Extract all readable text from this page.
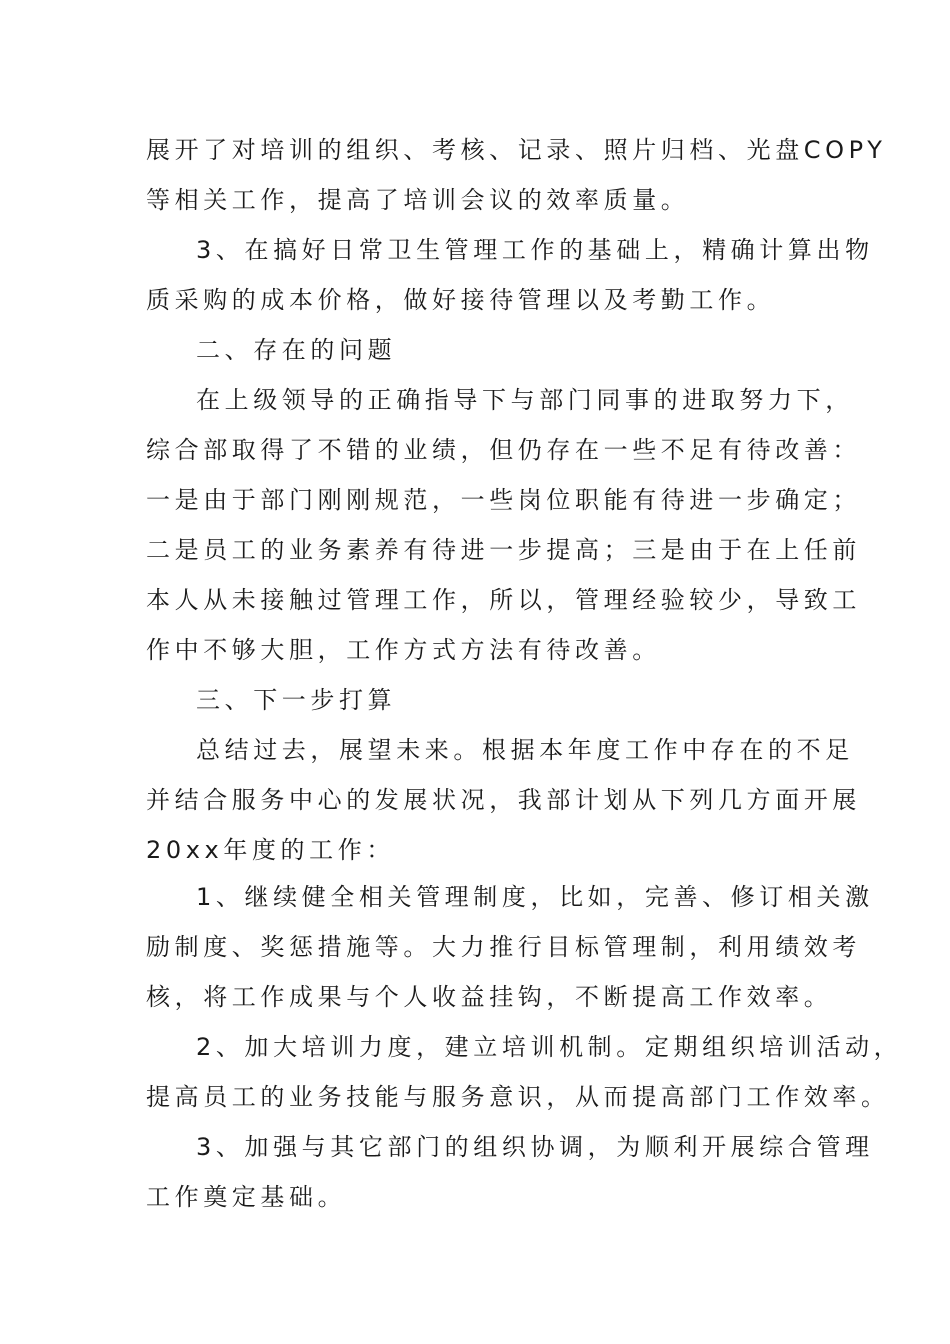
展开了对培训的组织、考核、记录、照片归档、光盘COPY
等相关工作，提高了培训会议的效率质量。
3、在搞好日常卫生管理工作的基础上，精确计算出物
质采购的成本价格，做好接待管理以及考勤工作。
二、存在的问题
在上级领导的正确指导下与部门同事的进取努力下，
综合部取得了不错的业绩，但仍存在一些不足有待改善：
一是由于部门刚刚规范，一些岗位职能有待进一步确定；
二是员工的业务素养有待进一步提高；三是由于在上任前
本人从未接触过管理工作，所以，管理经验较少，导致工
作中不够大胆，工作方式方法有待改善。
三、下一步打算
总结过去，展望未来。根据本年度工作中存在的不足
并结合服务中心的发展状况，我部计划从下列几方面开展
20xx年度的工作：
1、继续健全相关管理制度，比如，完善、修订相关激
励制度、奖惩措施等。大力推行目标管理制，利用绩效考
核，将工作成果与个人收益挂钩，不断提高工作效率。
2、加大培训力度，建立培训机制。定期组织培训活动，
提高员工的业务技能与服务意识，从而提高部门工作效率。
3、加强与其它部门的组织协调，为顺利开展综合管理
工作奠定基础。
